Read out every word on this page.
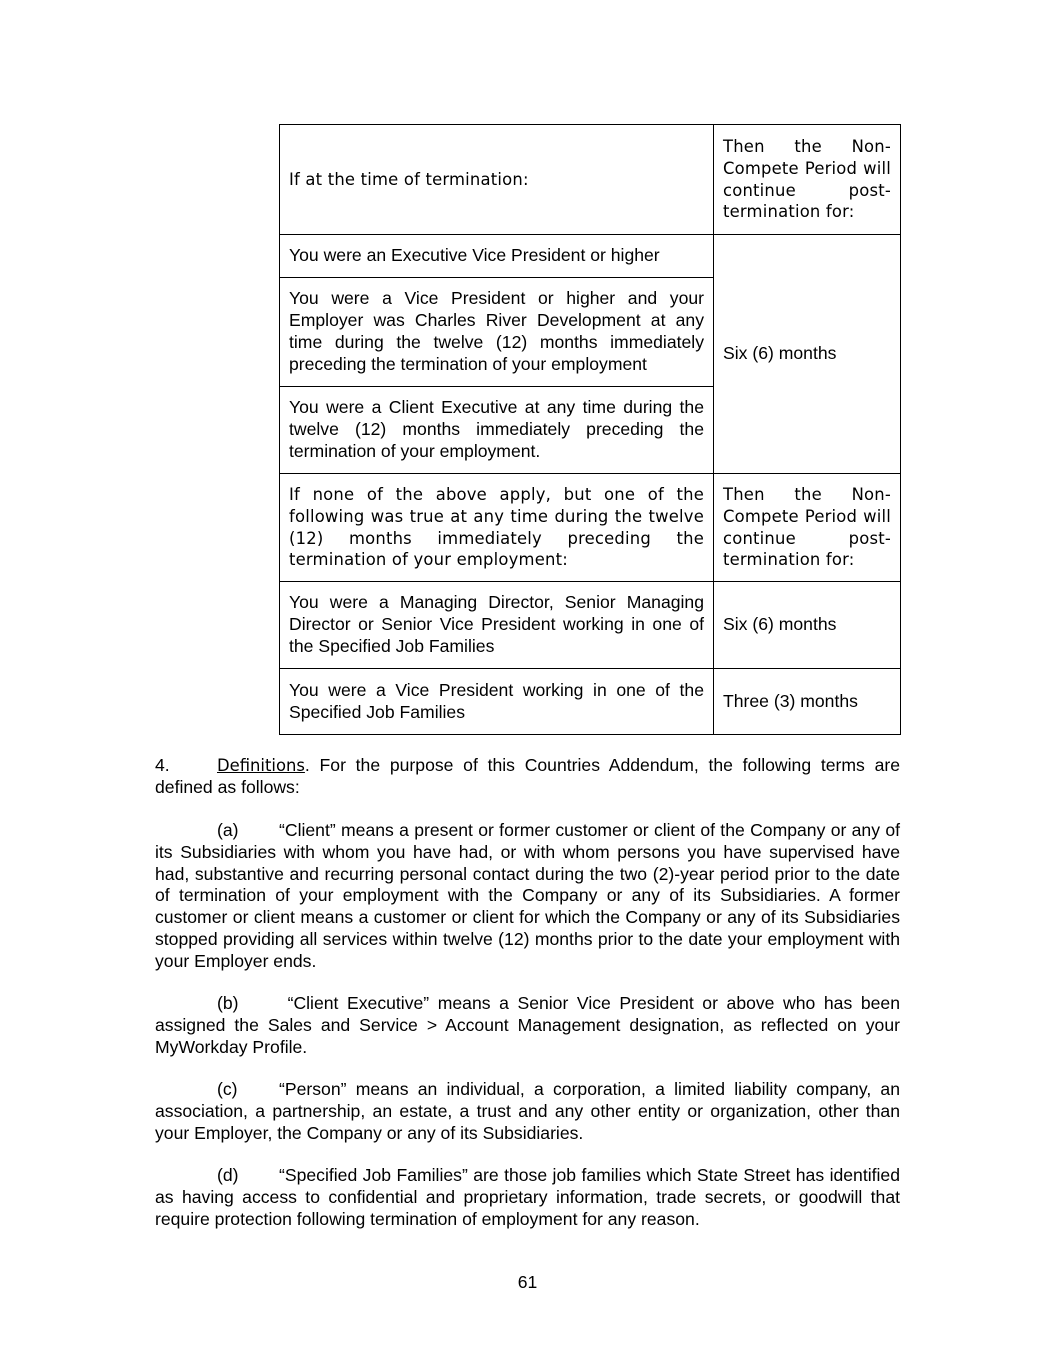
If at the time of termination:	Then the Non-Compete Period will continue post-termination for:
You were an Executive Vice President or higher	Six (6) months
You were a Vice President or higher and your Employer was Charles River Development at any time during the twelve (12) months immediately preceding the termination of your employment	
You were a Client Executive at any time during the twelve (12) months immediately preceding the termination of your employment.	
If none of the above apply, but one of the following was true at any time during the twelve (12) months immediately preceding the termination of your employment:	Then the Non-Compete Period will continue post-termination for:
You were a Managing Director, Senior Managing Director or Senior Vice President working in one of the Specified Job Families	Six (6) months
You were a Vice President working in one of the Specified Job Families	Three (3) months

4.	Definitions. For the purpose of this Countries Addendum, the following terms are defined as follows:

(a) “Client” means a present or former customer or client of the Company or any of its Subsidiaries with whom you have had, or with whom persons you have supervised have had, substantive and recurring personal contact during the two (2)-year period prior to the date of termination of your employment with the Company or any of its Subsidiaries. A former customer or client means a customer or client for which the Company or any of its Subsidiaries stopped providing all services within twelve (12) months prior to the date your employment with your Employer ends.

(b) “Client Executive” means a Senior Vice President or above who has been assigned the Sales and Service > Account Management designation, as reflected on your MyWorkday Profile.

(c) “Person” means an individual, a corporation, a limited liability company, an association, a partnership, an estate, a trust and any other entity or organization, other than your Employer, the Company or any of its Subsidiaries.

(d) “Specified Job Families” are those job families which State Street has identified as having access to confidential and proprietary information, trade secrets, or goodwill that require protection following termination of employment for any reason.

61
